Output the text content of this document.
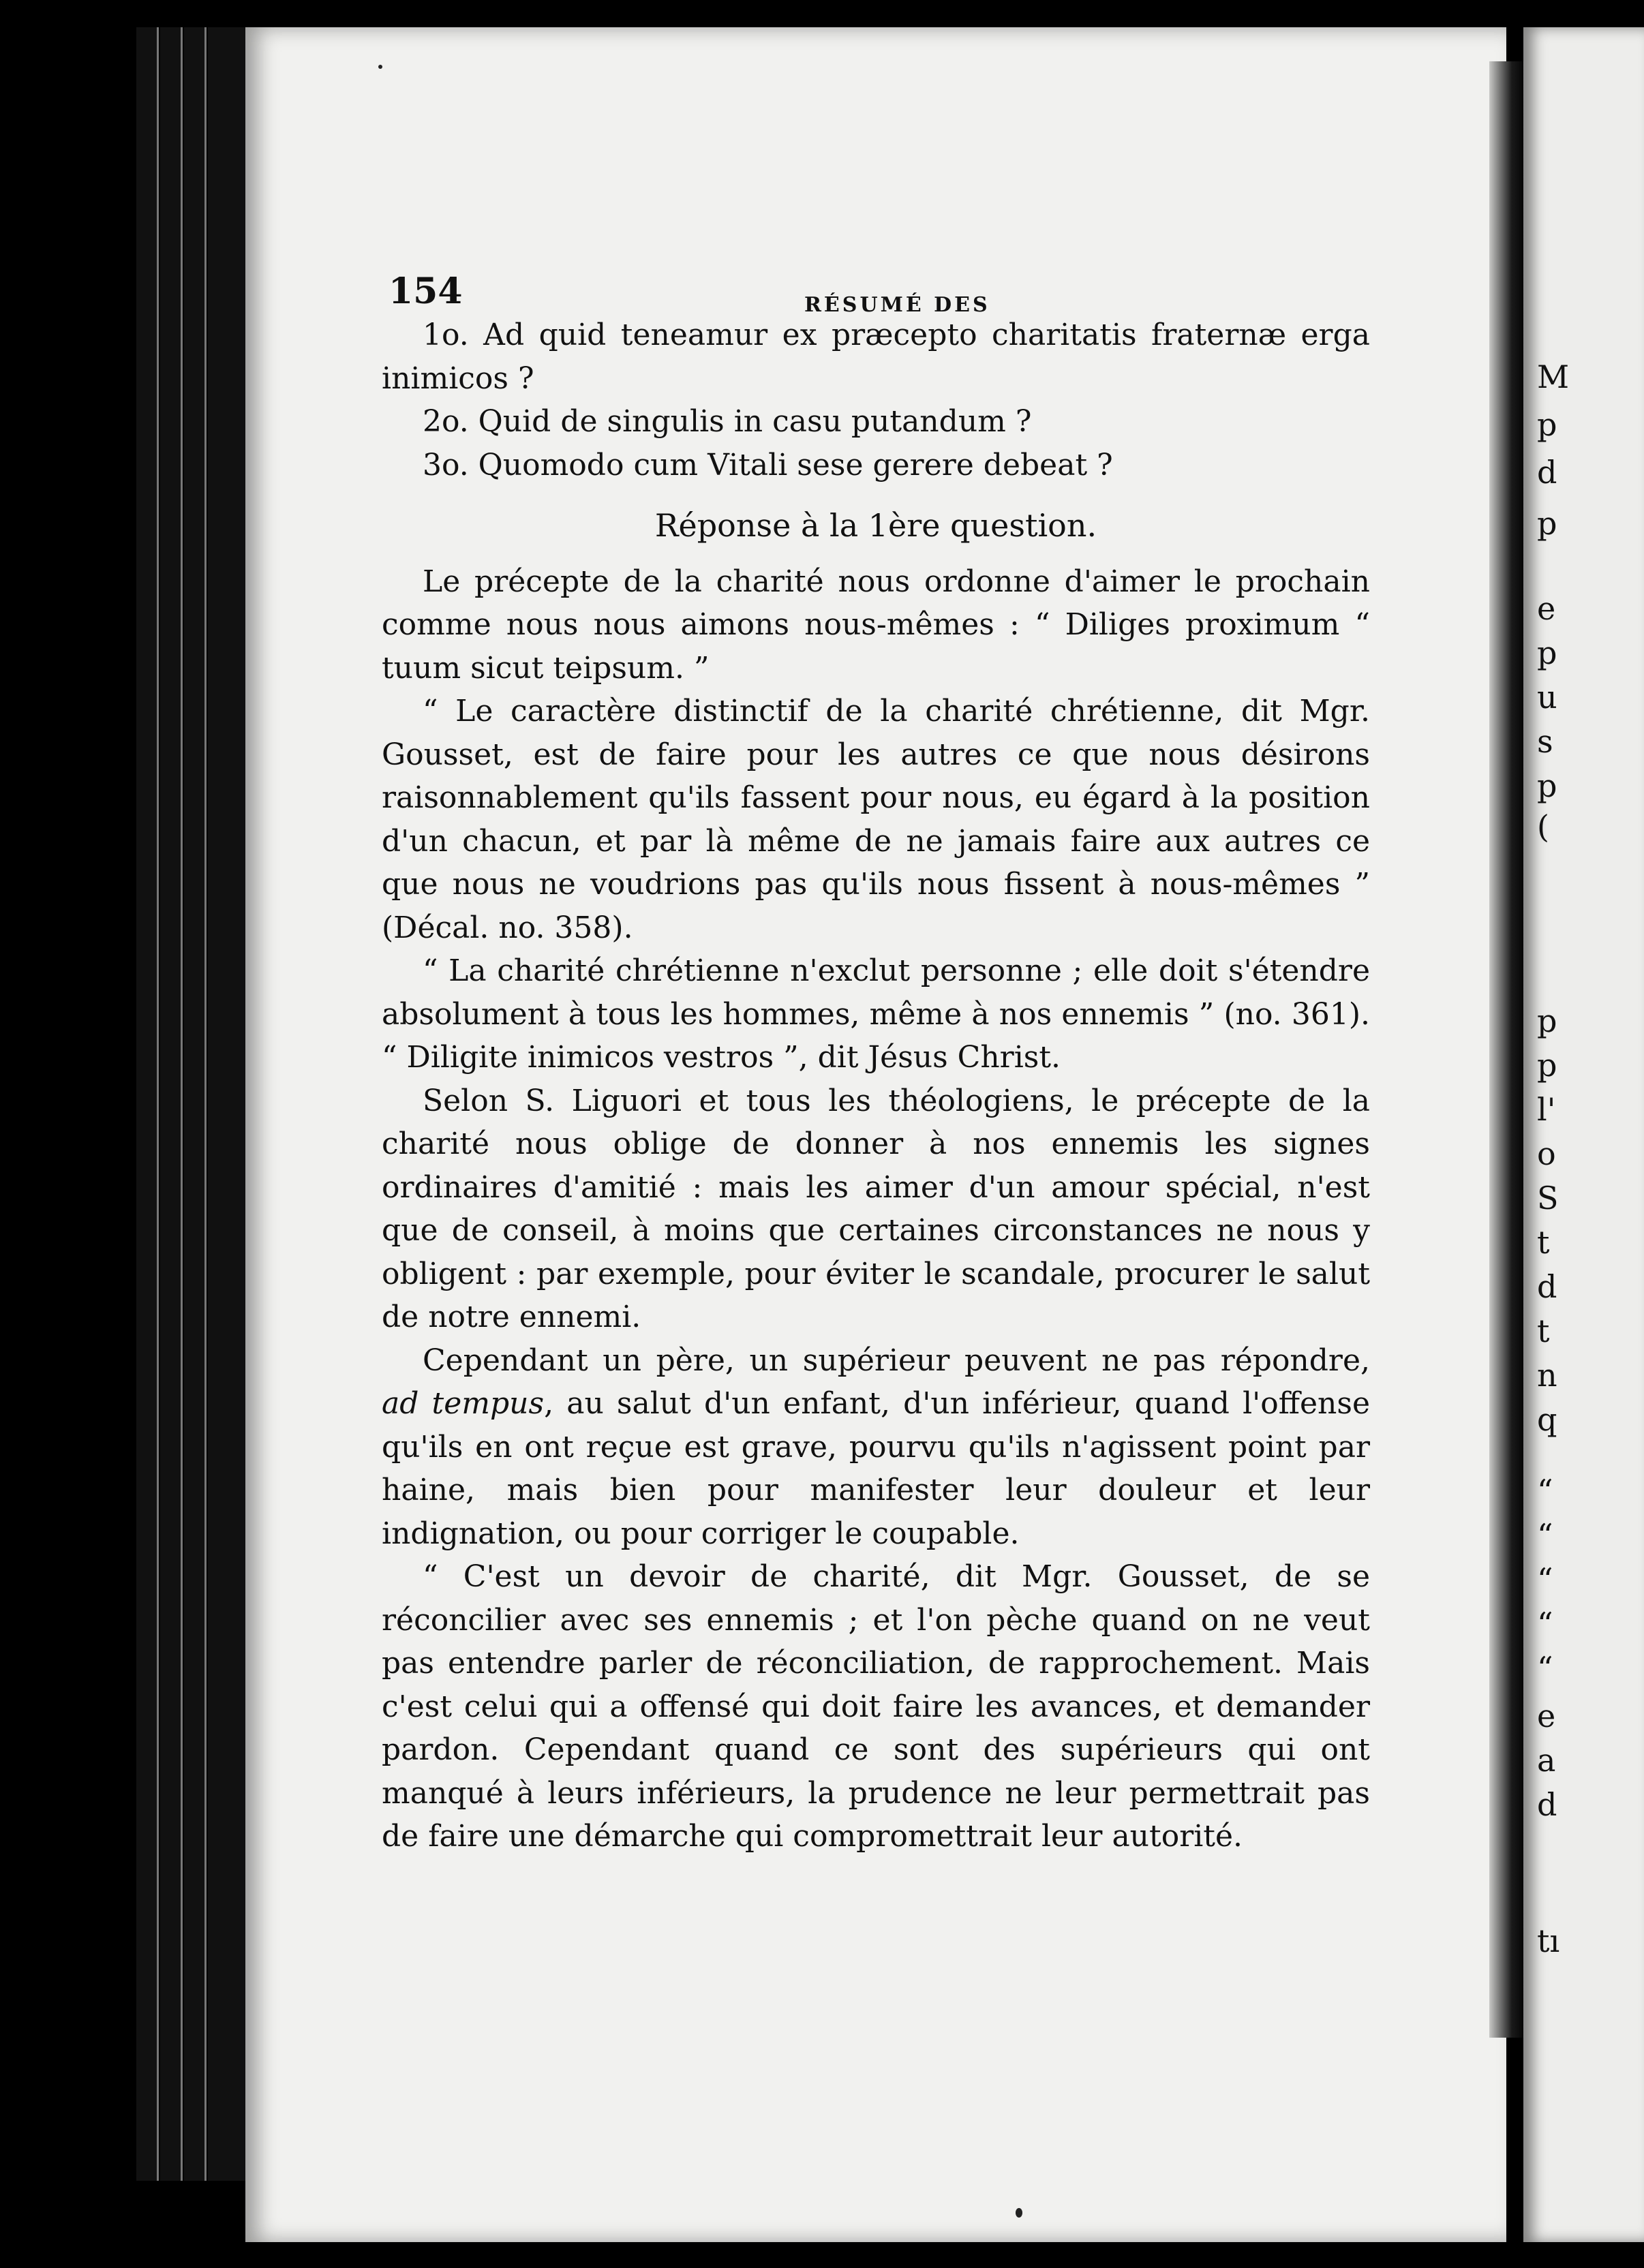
154	RÉSUMÉ DES

1o. Ad quid teneamur ex præcepto charitatis fraternæ erga inimicos ?

2o. Quid de singulis in casu putandum ?

3o. Quomodo cum Vitali sese gerere debeat ?

Réponse à la 1ère question.

Le précepte de la charité nous ordonne d'aimer le prochain comme nous nous aimons nous-mêmes : “ Diliges proximum “ tuum sicut teipsum. ”

“ Le caractère distinctif de la charité chrétienne, dit Mgr. Gousset, est de faire pour les autres ce que nous désirons raisonnablement qu'ils fassent pour nous, eu égard à la position d'un chacun, et par là même de ne jamais faire aux autres ce que nous ne voudrions pas qu'ils nous fissent à nous-mêmes ” (Décal. no. 358).

“ La charité chrétienne n'exclut personne ; elle doit s'étendre absolument à tous les hommes, même à nos ennemis ” (no. 361). “ Diligite inimicos vestros ”, dit Jésus Christ.

Selon S. Liguori et tous les théologiens, le précepte de la charité nous oblige de donner à nos ennemis les signes ordinaires d'amitié : mais les aimer d'un amour spécial, n'est que de conseil, à moins que certaines circonstances ne nous y obligent : par exemple, pour éviter le scandale, procurer le salut de notre ennemi.

Cependant un père, un supérieur peuvent ne pas répondre, ad tempus, au salut d'un enfant, d'un inférieur, quand l'offense qu'ils en ont reçue est grave, pourvu qu'ils n'agissent point par haine, mais bien pour manifester leur douleur et leur indignation, ou pour corriger le coupable.

“ C'est un devoir de charité, dit Mgr. Gousset, de se réconcilier avec ses ennemis ; et l'on pèche quand on ne veut pas entendre parler de réconciliation, de rapprochement. Mais c'est celui qui a offensé qui doit faire les avances, et demander pardon. Cependant quand ce sont des supérieurs qui ont manqué à leurs inférieurs, la prudence ne leur permettrait pas de faire une démarche qui compromettrait leur autorité.

M
p
d
p
e
p
u
s
p
(
p
p
l'
o
S
t
d
t
n
q
“
“
“
“
“
e
a
d
tı
